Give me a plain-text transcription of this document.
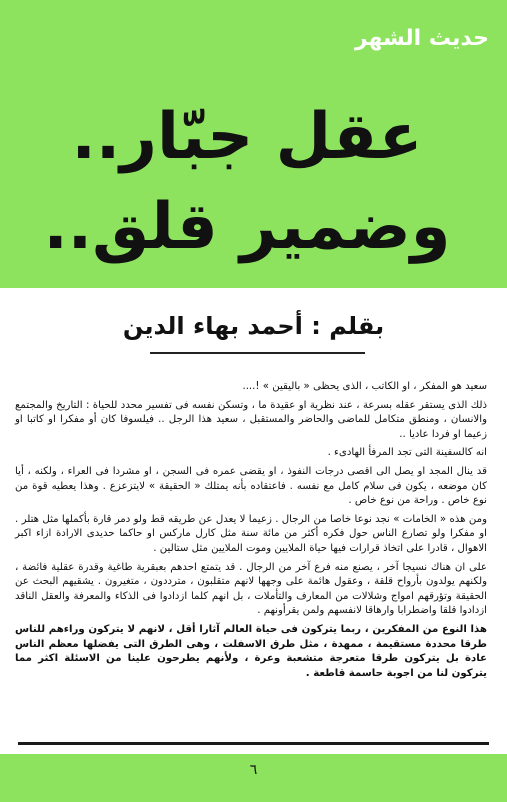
حديث الشهر
عقل جبّار..
وضمير قلق..
بقلم : أحمد بهاء الدين

سعيد هو المفكر ، او الكاتب ، الذى يحظى « باليقين » !....

ذلك الذى يستقر عقله بسرعة ، عند نظرية او عقيدة ما ، وتسكن نفسه فى تفسير محدد للحياة : التاريخ والمجتمع والانسان ، ومنطق متكامل للماضى والحاضر والمستقبل ، سعيد هذا الرجل .. فيلسوفا كان أو مفكرا او كاتبا او زعيما او فردا عاديا ..

انه كالسفينة التى تجد المرفأ الهادىء .

قد ينال المجد او يصل الى اقصى درجات النفوذ ، او يقضى عمره فى السجن ، او مشردا فى العراء ، ولكنه ، أيا كان موضعه ، يكون فى سلام كامل مع نفسه . فاعتقاده بأنه يمتلك « الحقيقة » لايتزعزع . وهذا يعطيه قوة من نوع خاص . وراحة من نوع خاص .

ومن هذه « الخامات » نجد نوعا خاصا من الرجال . زعيما لا يعدل عن طريقه قط ولو دمر قارة بأكملها مثل هتلر . او مفكرا ولو تصارع الناس حول فكره أكثر من مائة سنة مثل كارل ماركس او حاكما حديدى الارادة ازاء اكبر الاهوال ، قادرا على اتخاذ قرارات فيها حياة الملايين وموت الملايين مثل ستالين .

على ان هناك نسيجا آخر ، يصنع منه فرع آخر من الرجال . قد يتمتع احدهم بعبقرية طاغية وقدرة عقلية فائضة ، ولكنهم يولدون بأرواح قلقة ، وعقول هائمة على وجهها لانهم متقلبون ، مترددون ، متغيرون . يشقيهم البحث عن الحقيقة وتؤرقهم امواج وشلالات من المعارف والتأملات ، بل انهم كلما ازدادوا فى الذكاء والمعرفة والعقل الناقد ازدادوا قلقا واضطرابا وارهاقا لانفسهم ولمن يقرأونهم .

هذا النوع من المفكرين ، ربما يتركون فى حياة العالم آثارا أقل ، لانهم لا يتركون وراءهم للناس طرقا محددة مستقيمة ، ممهدة ، مثل طرق الاسفلت ، وهى الطرق التى يفضلها معظم الناس عادة بل يتركون طرقا متعرجة متشعبة وعرة ، ولأنهم يطرحون علينا من الاسئلة اكثر مما يتركون لنا من اجوبة حاسمة قاطعة .

٦
